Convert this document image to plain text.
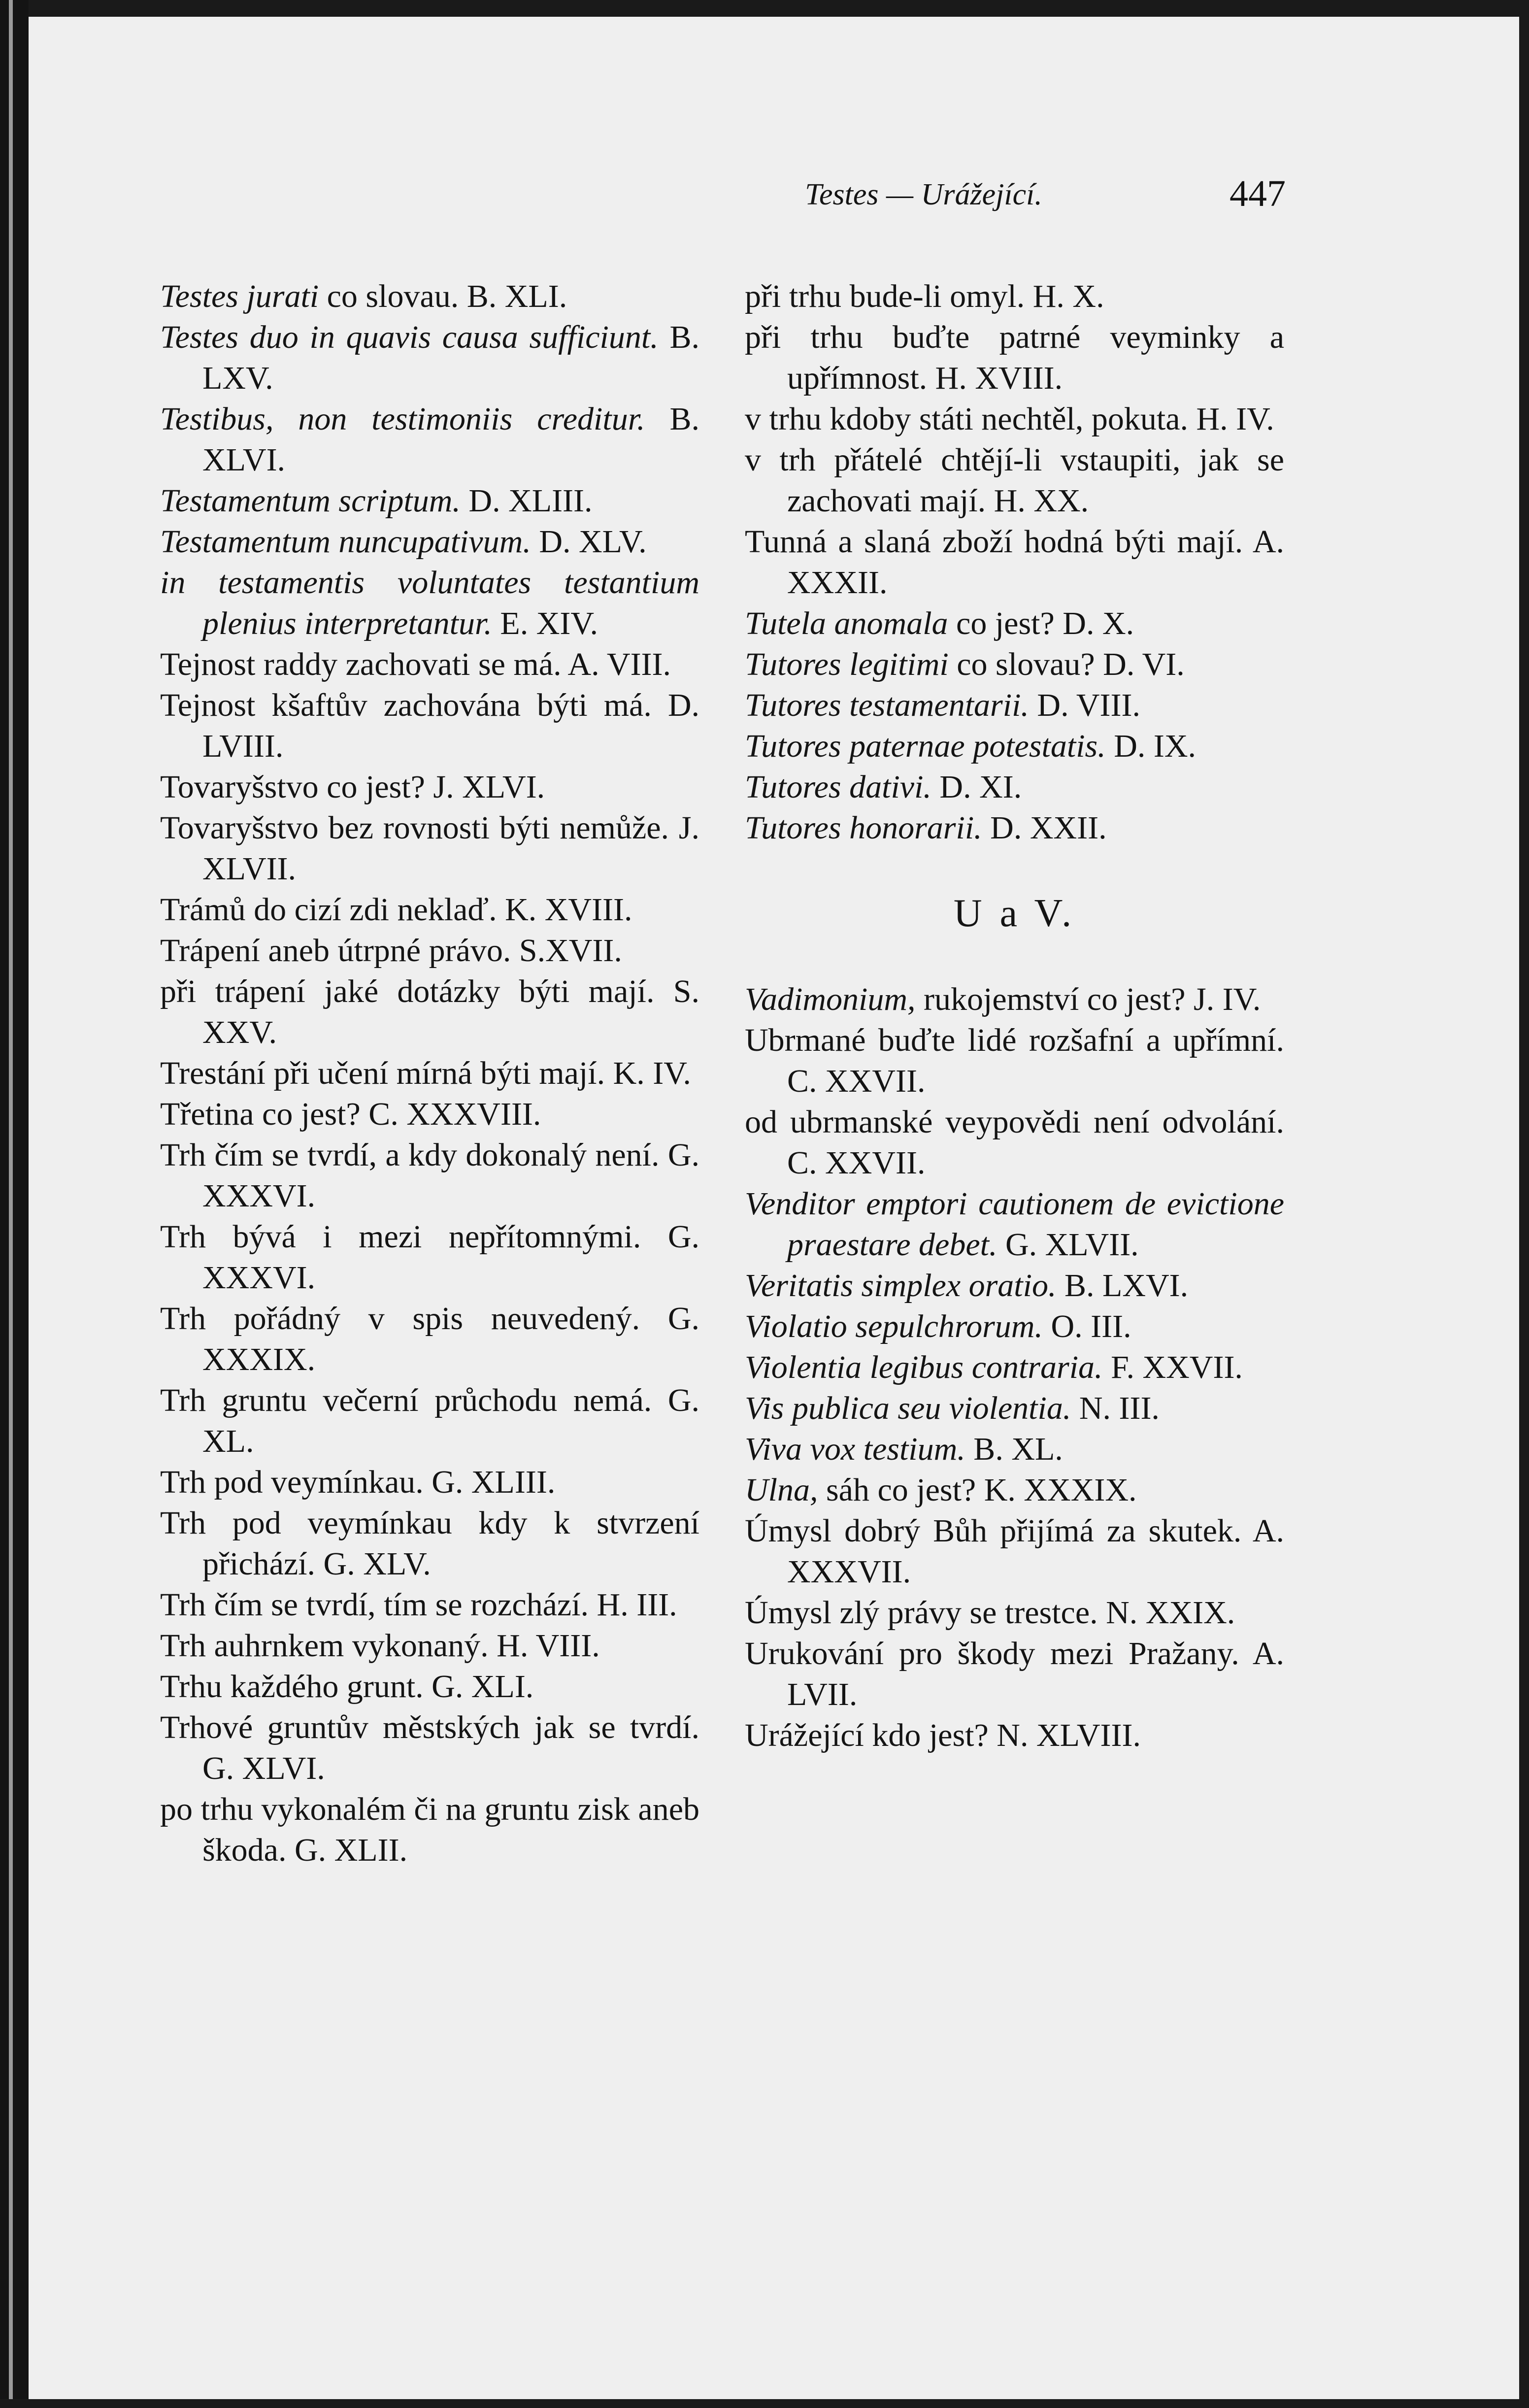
Testes — Urážející.	447
Testes jurati co slovau. B. XLI.
Testes duo in quavis causa sufficiunt. B. LXV.
Testibus, non testimoniis creditur. B. XLVI.
Testamentum scriptum. D. XLIII.
Testamentum nuncupativum. D. XLV.
in testamentis voluntates testantium plenius interpretantur. E. XIV.
Tejnost raddy zachovati se má. A. VIII.
Tejnost kšaftův zachována býti má. D. LVIII.
Tovaryšstvo co jest? J. XLVI.
Tovaryšstvo bez rovnosti býti nemůže. J. XLVII.
Trámů do cizí zdi neklaď. K. XVIII.
Trápení aneb útrpné právo. S.XVII.
při trápení jaké dotázky býti mají. S. XXV.
Trestání při učení mírná býti mají. K. IV.
Třetina co jest? C. XXXVIII.
Trh čím se tvrdí, a kdy dokonalý není. G. XXXVI.
Trh bývá i mezi nepřítomnými. G. XXXVI.
Trh pořádný v spis neuvedený. G. XXXIX.
Trh gruntu večerní průchodu nemá. G. XL.
Trh pod veymínkau. G. XLIII.
Trh pod veymínkau kdy k stvrzení přichází. G. XLV.
Trh čím se tvrdí, tím se rozchází. H. III.
Trh auhrnkem vykonaný. H. VIII.
Trhu každého grunt. G. XLI.
Trhové gruntův městských jak se tvrdí. G. XLVI.
po trhu vykonalém či na gruntu zisk aneb škoda. G. XLII.
při trhu bude-li omyl. H. X.
při trhu buďte patrné veyminky a upřímnost. H. XVIII.
v trhu kdoby státi nechtěl, pokuta. H. IV.
v trh přátelé chtějí-li vstaupiti, jak se zachovati mají. H. XX.
Tunná a slaná zboží hodná býti mají. A. XXXII.
Tutela anomala co jest? D. X.
Tutores legitimi co slovau? D. VI.
Tutores testamentarii. D. VIII.
Tutores paternae potestatis. D. IX.
Tutores dativi. D. XI.
Tutores honorarii. D. XXII.
U a V.
Vadimonium, rukojemství co jest? J. IV.
Ubrmané buďte lidé rozšafní a upřímní. C. XXVII.
od ubrmanské veypovědi není odvolání. C. XXVII.
Venditor emptori cautionem de evictione praestare debet. G. XLVII.
Veritatis simplex oratio. B. LXVI.
Violatio sepulchrorum. O. III.
Violentia legibus contraria. F. XXVII.
Vis publica seu violentia. N. III.
Viva vox testium. B. XL.
Ulna, sáh co jest? K. XXXIX.
Úmysl dobrý Bůh přijímá za skutek. A. XXXVII.
Úmysl zlý právy se trestce. N. XXIX.
Urukování pro škody mezi Pražany. A. LVII.
Urážející kdo jest? N. XLVIII.
